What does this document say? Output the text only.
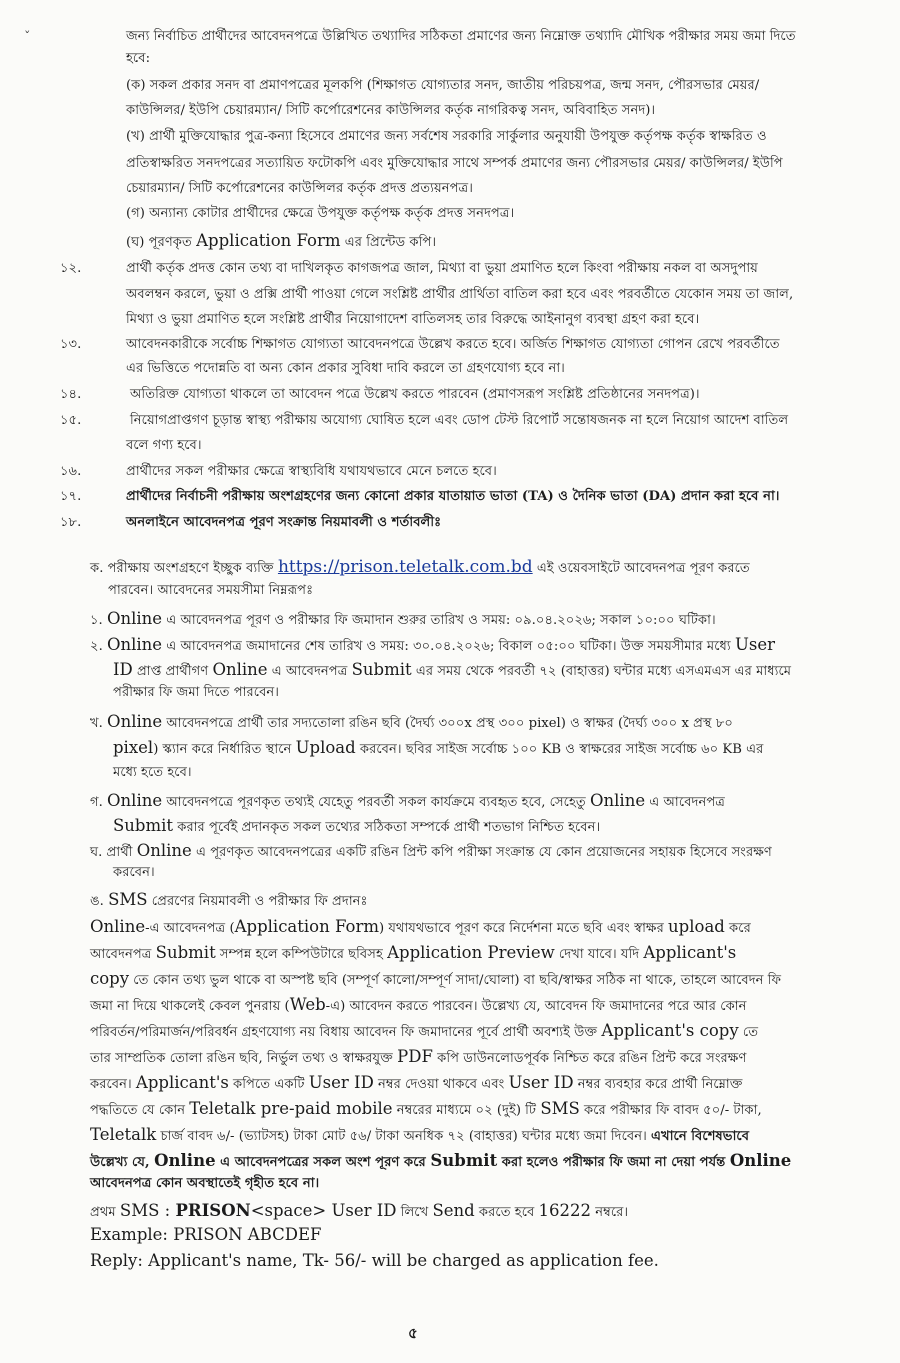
ˇ	জন্য নির্বাচিত প্রার্থীদের আবেদনপত্রে উল্লিখিত তথ্যাদির সঠিকতা প্রমাণের জন্য নিম্নোক্ত তথ্যাদি মৌখিক পরীক্ষার সময় জমা দিতে
হবে:
(ক) সকল প্রকার সনদ বা প্রমাণপত্রের মূলকপি (শিক্ষাগত যোগ্যতার সনদ, জাতীয় পরিচয়পত্র, জন্ম সনদ, পৌরসভার মেয়র/
কাউন্সিলর/ ইউপি চেয়ারম্যান/ সিটি কর্পোরেশনের কাউন্সিলর কর্তৃক নাগরিকত্ব সনদ, অবিবাহিত সনদ)।
(খ) প্রার্থী মুক্তিযোদ্ধার পুত্র-কন্যা হিসেবে প্রমাণের জন্য সর্বশেষ সরকারি সার্কুলার অনুযায়ী উপযুক্ত কর্তৃপক্ষ কর্তৃক স্বাক্ষরিত ও
প্রতিস্বাক্ষরিত সনদপত্রের সত্যায়িত ফটোকপি এবং মুক্তিযোদ্ধার সাথে সম্পর্ক প্রমাণের জন্য পৌরসভার মেয়র/ কাউন্সিলর/ ইউপি
চেয়ারম্যান/ সিটি কর্পোরেশনের কাউন্সিলর কর্তৃক প্রদত্ত প্রত্যয়নপত্র।
(গ) অন্যান্য কোটার প্রার্থীদের ক্ষেত্রে উপযুক্ত কর্তৃপক্ষ কর্তৃক প্রদত্ত সনদপত্র।
(ঘ) পূরণকৃত Application Form এর প্রিন্টেড কপি।
১২.	প্রার্থী কর্তৃক প্রদত্ত কোন তথ্য বা দাখিলকৃত কাগজপত্র জাল, মিথ্যা বা ভুয়া প্রমাণিত হলে কিংবা পরীক্ষায় নকল বা অসদুপায়
অবলম্বন করলে, ভুয়া ও প্রক্সি প্রার্থী পাওয়া গেলে সংশ্লিষ্ট প্রার্থীর প্রার্থিতা বাতিল করা হবে এবং পরবর্তীতে যেকোন সময় তা জাল,
মিথ্যা ও ভুয়া প্রমাণিত হলে সংশ্লিষ্ট প্রার্থীর নিয়োগাদেশ বাতিলসহ তার বিরুদ্ধে আইনানুগ ব্যবস্থা গ্রহণ করা হবে।
১৩.	আবেদনকারীকে সর্বোচ্চ শিক্ষাগত যোগ্যতা আবেদনপত্রে উল্লেখ করতে হবে। অর্জিত শিক্ষাগত যোগ্যতা গোপন রেখে পরবর্তীতে
এর ভিত্তিতে পদোন্নতি বা অন্য কোন প্রকার সুবিধা দাবি করলে তা গ্রহণযোগ্য হবে না।
১৪.	অতিরিক্ত যোগ্যতা থাকলে তা আবেদন পত্রে উল্লেখ করতে পারবেন (প্রমাণসরূপ সংশ্লিষ্ট প্রতিষ্ঠানের সনদপত্র)।
১৫.	নিয়োগপ্রাপ্তগণ চূড়ান্ত স্বাস্থ্য পরীক্ষায় অযোগ্য ঘোষিত হলে এবং ডোপ টেস্ট রিপোর্ট সন্তোষজনক না হলে নিয়োগ আদেশ বাতিল
বলে গণ্য হবে।
১৬.	প্রার্থীদের সকল পরীক্ষার ক্ষেত্রে স্বাস্থ্যবিধি যথাযথভাবে মেনে চলতে হবে।
১৭.	প্রার্থীদের নির্বাচনী পরীক্ষায় অংশগ্রহণের জন্য কোনো প্রকার যাতায়াত ভাতা (TA) ও দৈনিক ভাতা (DA) প্রদান করা হবে না।
১৮.	অনলাইনে আবেদনপত্র পূরণ সংক্রান্ত নিয়মাবলী ও শর্তাবলীঃ
ক. পরীক্ষায় অংশগ্রহণে ইচ্ছুক ব্যক্তি https://prison.teletalk.com.bd এই ওয়েবসাইটে আবেদনপত্র পূরণ করতে
পারবেন। আবেদনের সময়সীমা নিম্নরূপঃ
১. Online এ আবেদনপত্র পূরণ ও পরীক্ষার ফি জমাদান শুরুর তারিখ ও সময়: ০৯.০৪.২০২৬; সকাল ১০:০০ ঘটিকা।
২. Online এ আবেদনপত্র জমাদানের শেষ তারিখ ও সময়: ৩০.০৪.২০২৬; বিকাল ০৫:০০ ঘটিকা। উক্ত সময়সীমার মধ্যে User
ID প্রাপ্ত প্রার্থীগণ Online এ আবেদনপত্র Submit এর সময় থেকে পরবর্তী ৭২ (বাহাত্তর) ঘন্টার মধ্যে এসএমএস এর মাধ্যমে
পরীক্ষার ফি জমা দিতে পারবেন।
খ. Online আবেদনপত্রে প্রার্থী তার সদ্যতোলা রঙিন ছবি (দৈর্ঘ্য ৩০০x প্রস্থ ৩০০ pixel) ও স্বাক্ষর (দৈর্ঘ্য ৩০০ x প্রস্থ ৮০
pixel) স্ক্যান করে নির্ধারিত স্থানে Upload করবেন। ছবির সাইজ সর্বোচ্চ ১০০ KB ও স্বাক্ষরের সাইজ সর্বোচ্চ ৬০ KB এর
মধ্যে হতে হবে।
গ. Online আবেদনপত্রে পূরণকৃত তথ্যই যেহেতু পরবর্তী সকল কার্যক্রমে ব্যবহৃত হবে, সেহেতু Online এ আবেদনপত্র
Submit করার পূর্বেই প্রদানকৃত সকল তথ্যের সঠিকতা সম্পর্কে প্রার্থী শতভাগ নিশ্চিত হবেন।
ঘ. প্রার্থী Online এ পূরণকৃত আবেদনপত্রের একটি রঙিন প্রিন্ট কপি পরীক্ষা সংক্রান্ত যে কোন প্রয়োজনের সহায়ক হিসেবে সংরক্ষণ
করবেন।
ঙ. SMS প্রেরণের নিয়মাবলী ও পরীক্ষার ফি প্রদানঃ
Online-এ আবেদনপত্র (Application Form) যথাযথভাবে পূরণ করে নির্দেশনা মতে ছবি এবং স্বাক্ষর upload করে
আবেদনপত্র Submit সম্পন্ন হলে কম্পিউটারে ছবিসহ Application Preview দেখা যাবে। যদি Applicant's
copy তে কোন তথ্য ভুল থাকে বা অস্পষ্ট ছবি (সম্পূর্ণ কালো/সম্পূর্ণ সাদা/ঘোলা) বা ছবি/স্বাক্ষর সঠিক না থাকে, তাহলে আবেদন ফি
জমা না দিয়ে থাকলেই কেবল পুনরায় (Web-এ) আবেদন করতে পারবেন। উল্লেখ্য যে, আবেদন ফি জমাদানের পরে আর কোন
পরিবর্তন/পরিমার্জন/পরিবর্ধন গ্রহণযোগ্য নয় বিধায় আবেদন ফি জমাদানের পূর্বে প্রার্থী অবশ্যই উক্ত Applicant's copy তে
তার সাম্প্রতিক তোলা রঙিন ছবি, নির্ভুল তথ্য ও স্বাক্ষরযুক্ত PDF কপি ডাউনলোডপূর্বক নিশ্চিত করে রঙিন প্রিন্ট করে সংরক্ষণ
করবেন। Applicant's কপিতে একটি User ID নম্বর দেওয়া থাকবে এবং User ID নম্বর ব্যবহার করে প্রার্থী নিম্নোক্ত
পদ্ধতিতে যে কোন Teletalk pre-paid mobile নম্বরের মাধ্যমে ০২ (দুই) টি SMS করে পরীক্ষার ফি বাবদ ৫০/- টাকা,
Teletalk চার্জ বাবদ ৬/- (ভ্যাটসহ) টাকা মোট ৫৬/ টাকা অনধিক ৭২ (বাহাত্তর) ঘন্টার মধ্যে জমা দিবেন। এখানে বিশেষভাবে
উল্লেখ্য যে, Online এ আবেদনপত্রের সকল অংশ পূরণ করে Submit করা হলেও পরীক্ষার ফি জমা না দেয়া পর্যন্ত Online
আবেদনপত্র কোন অবস্থাতেই গৃহীত হবে না।
প্রথম SMS : PRISON<space> User ID লিখে Send করতে হবে 16222 নম্বরে।
Example: PRISON ABCDEF
Reply: Applicant's name, Tk- 56/- will be charged as application fee.
৫
